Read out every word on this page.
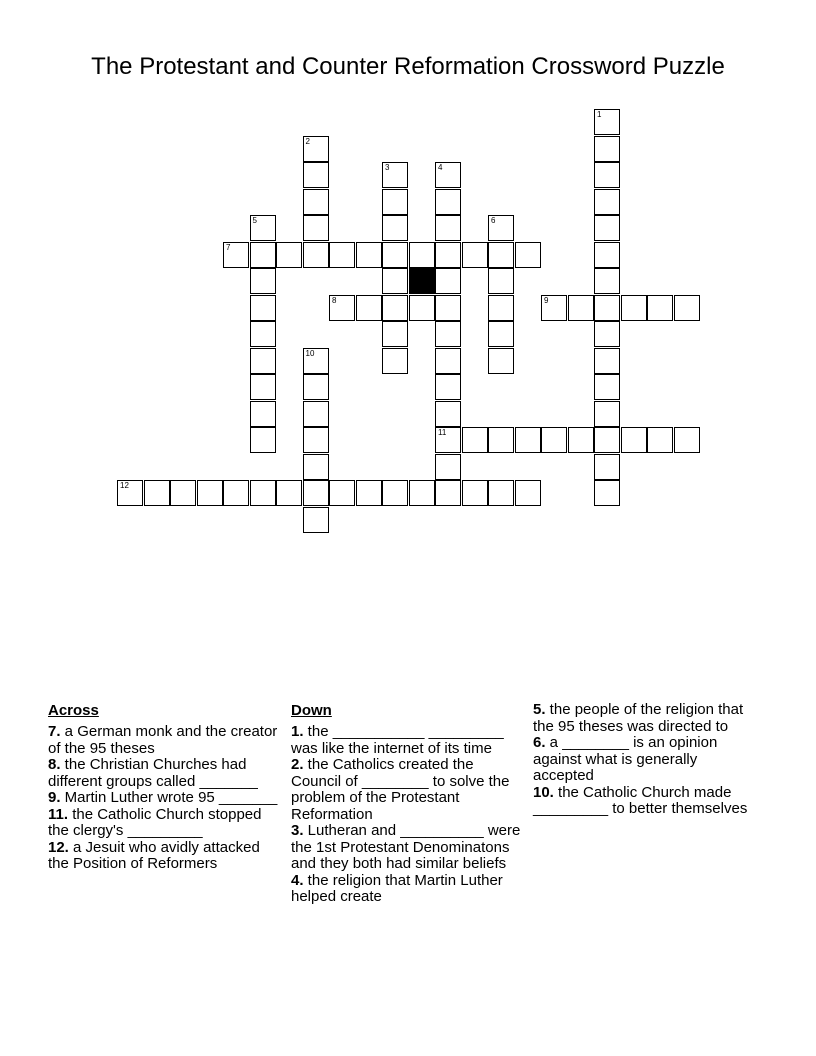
The Protestant and Counter Reformation Crossword Puzzle
1
2
3	4
5	6
7
8	9
10
11
12
Across

7. a German monk and the creator of the 95 theses

8. the Christian Churches had different groups called _______

9. Martin Luther wrote 95 _______

11. the Catholic Church stopped the clergy's _________

12. a Jesuit who avidly attacked the Position of Reformers

Down

1. the ___________ _________ was like the internet of its time

2. the Catholics created the Council of ________ to solve the problem of the Protestant Reformation

3. Lutheran and __________ were the 1st Protestant Denominatons and they both had similar beliefs

4. the religion that Martin Luther helped create

5. the people of the religion that the 95 theses was directed to

6. a ________ is an opinion against what is generally accepted

10. the Catholic Church made _________ to better themselves
